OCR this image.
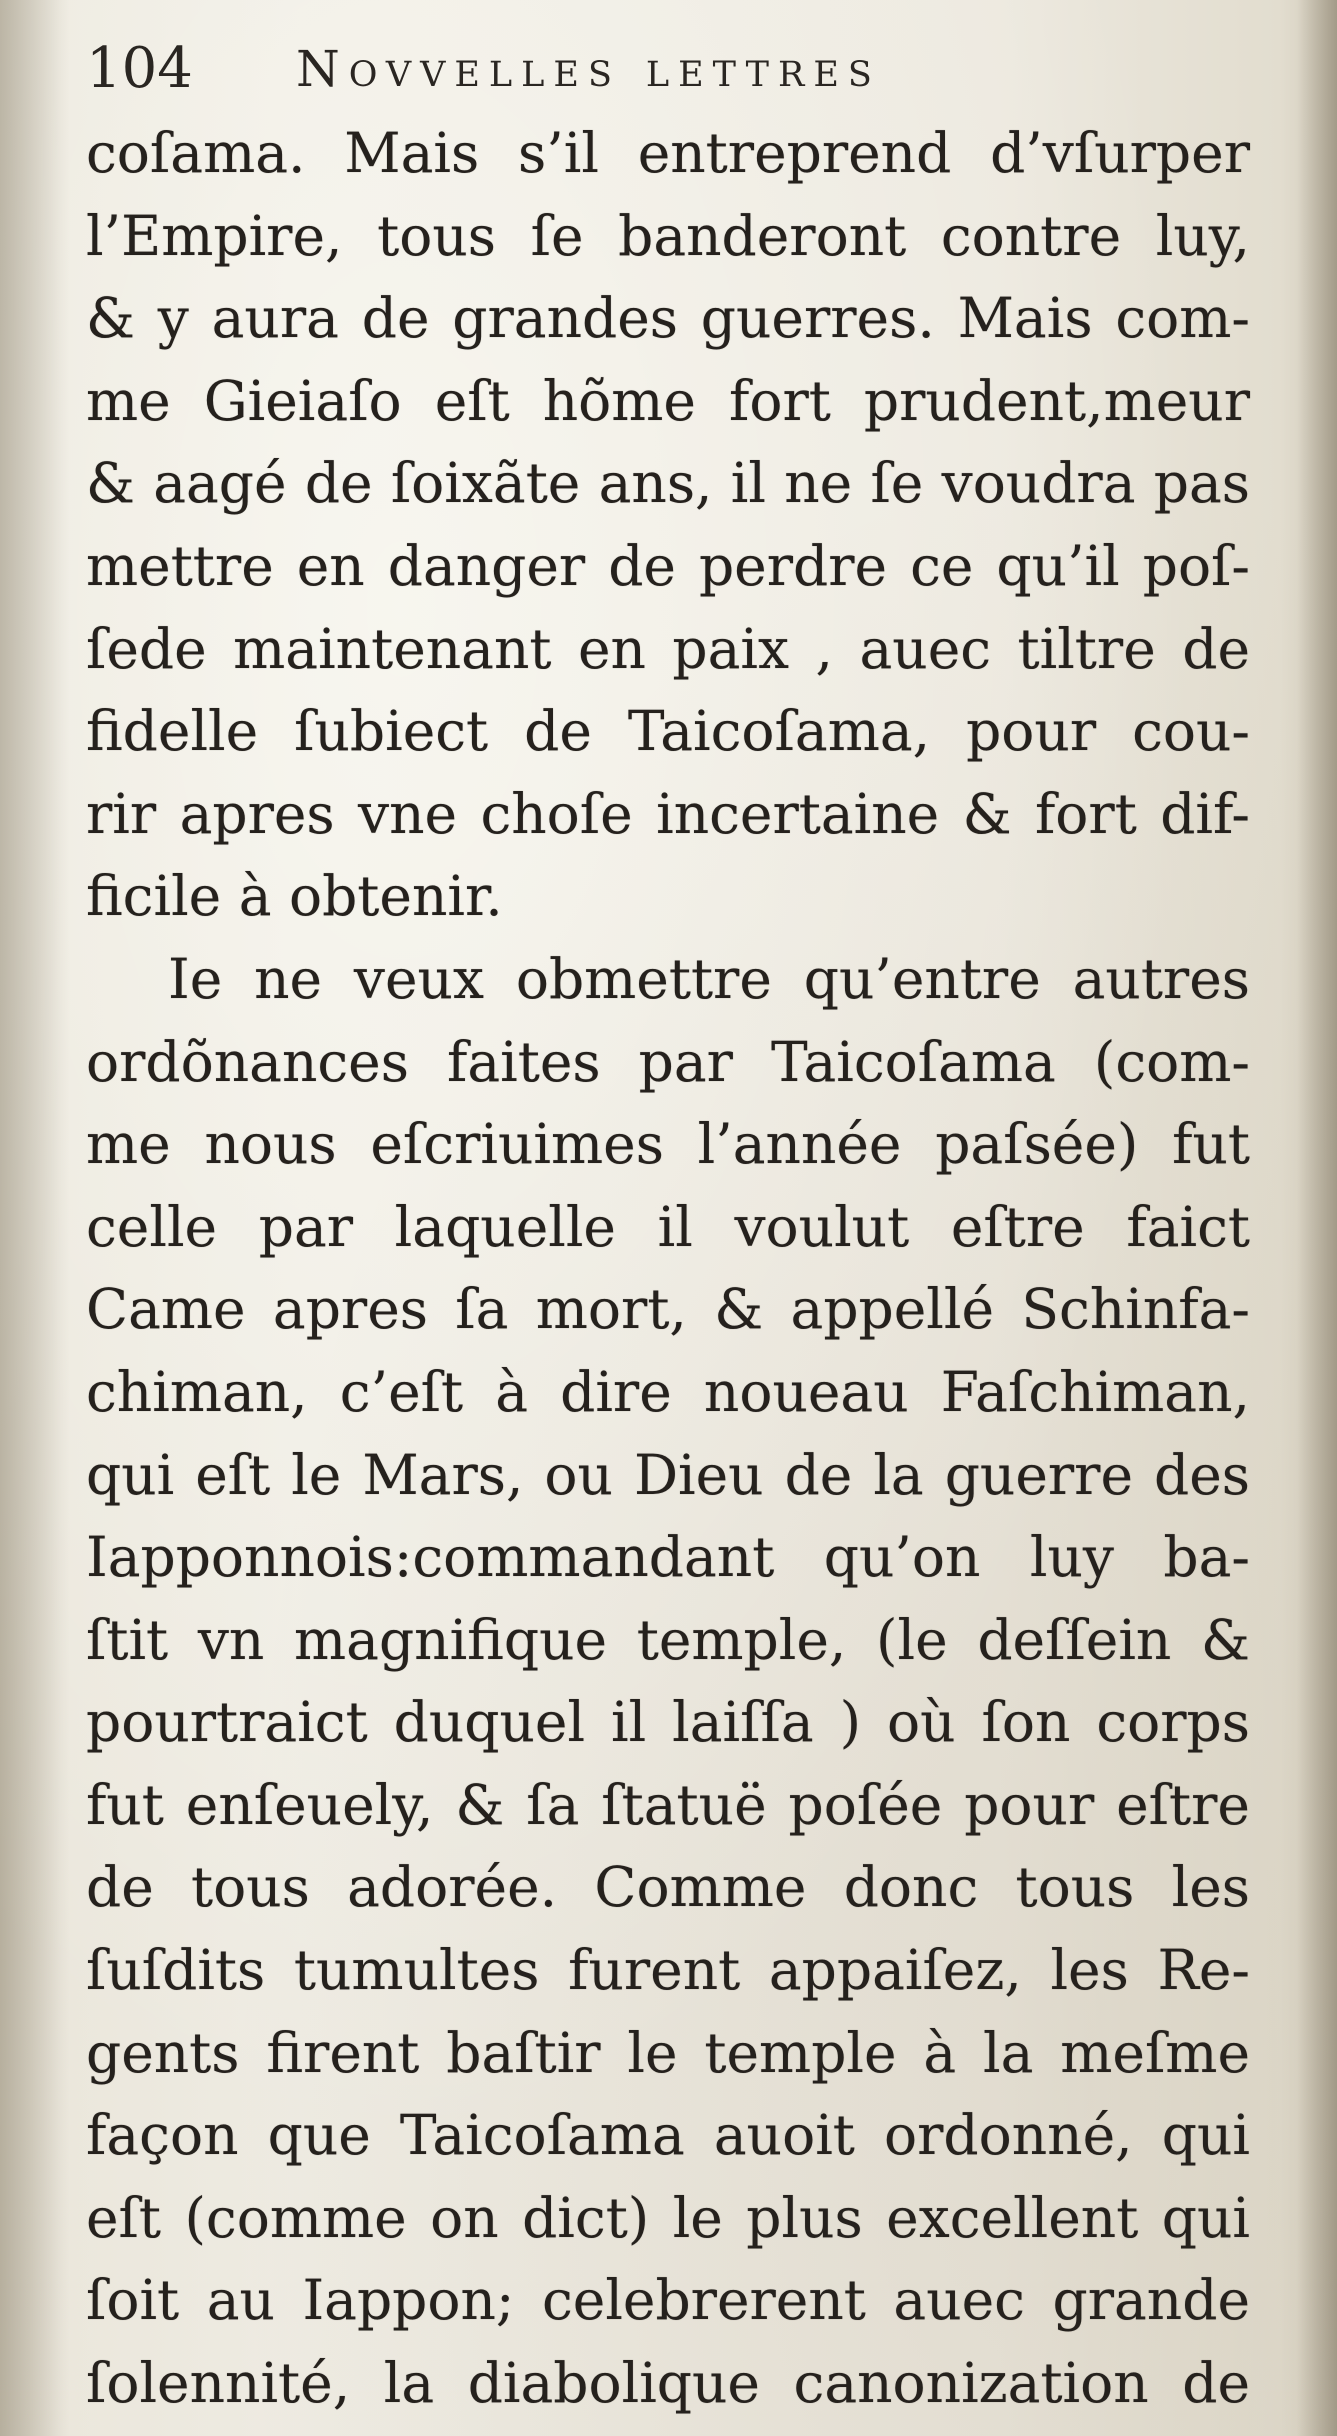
104 Novvelles lettres
coſama. Mais s’il entreprend d’vſurper
l’Empire, tous ſe banderont contre luy,
& y aura de grandes guerres. Mais com-
me Gieiaſo eſt hõme fort prudent,meur
& aagé de ſoixãte ans, il ne ſe voudra pas
mettre en danger de perdre ce qu’il poſ-
ſede maintenant en paix , auec tiltre de
fidelle ſubiect de Taicoſama, pour cou-
rir apres vne choſe incertaine & fort dif-
ficile à obtenir.
Ie ne veux obmettre qu’entre autres
ordõnances faites par Taicoſama (com-
me nous eſcriuimes l’année paſsée) fut
celle par laquelle il voulut eſtre faict
Came apres ſa mort, & appellé Schinfa-
chiman, c’eſt à dire noueau Faſchiman,
qui eſt le Mars, ou Dieu de la guerre des
Iapponnois:commandant qu’on luy ba-
ſtit vn magnifique temple, (le deſſein &
pourtraict duquel il laiſſa ) où ſon corps
fut enſeuely, & ſa ſtatuë poſée pour eſtre
de tous adorée. Comme donc tous les
ſuſdits tumultes furent appaiſez, les Re-
gents firent baſtir le temple à la meſme
façon que Taicoſama auoit ordonné, qui
eſt (comme on dict) le plus excellent qui
ſoit au Iappon; celebrerent auec grande
ſolennité, la diabolique canonization de
